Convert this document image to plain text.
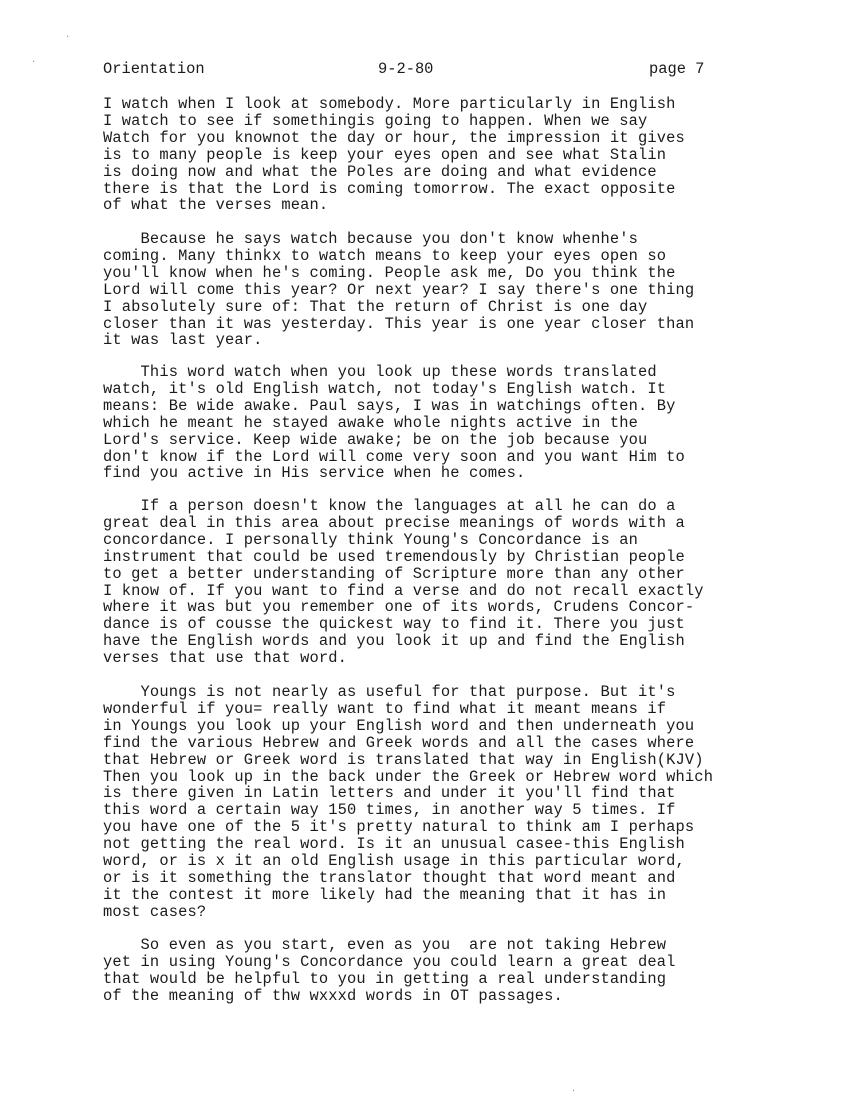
Orientation	9-2-80	page 7

I watch when I look at somebody. More particularly in English
I watch to see if somethingis going to happen. When we say
Watch for you knownot the day or hour, the impression it gives
is to many people is keep your eyes open and see what Stalin
is doing now and what the Poles are doing and what evidence
there is that the Lord is coming tomorrow. The exact opposite
of what the verses mean.

Because he says watch because you don't know whenhe's
coming. Many thinkx to watch means to keep your eyes open so
you'll know when he's coming. People ask me, Do you think the
Lord will come this year? Or next year? I say there's one thing
I absolutely sure of: That the return of Christ is one day
closer than it was yesterday. This year is one year closer than
it was last year.

This word watch when you look up these words translated
watch, it's old English watch, not today's English watch. It
means: Be wide awake. Paul says, I was in watchings often. By
which he meant he stayed awake whole nights active in the
Lord's service. Keep wide awake; be on the job because you
don't know if the Lord will come very soon and you want Him to
find you active in His service when he comes.

If a person doesn't know the languages at all he can do a
great deal in this area about precise meanings of words with a
concordance. I personally think Young's Concordance is an
instrument that could be used tremendously by Christian people
to get a better understanding of Scripture more than any other
I know of. If you want to find a verse and do not recall exactly
where it was but you remember one of its words, Crudens Concor-
dance is of cousse the quickest way to find it. There you just
have the English words and you look it up and find the English
verses that use that word.

Youngs is not nearly as useful for that purpose. But it's
wonderful if you= really want to find what it meant means if
in Youngs you look up your English word and then underneath you
find the various Hebrew and Greek words and all the cases where
that Hebrew or Greek word is translated that way in English(KJV)
Then you look up in the back under the Greek or Hebrew word which
is there given in Latin letters and under it you'll find that
this word a certain way 150 times, in another way 5 times. If
you have one of the 5 it's pretty natural to think am I perhaps
not getting the real word. Is it an unusual casee-this English
word, or is x it an old English usage in this particular word,
or is it something the translator thought that word meant and
it the contest it more likely had the meaning that it has in
most cases?

So even as you start, even as you  are not taking Hebrew
yet in using Young's Concordance you could learn a great deal
that would be helpful to you in getting a real understanding
of the meaning of thw wxxxd words in OT passages.

·
·
·
